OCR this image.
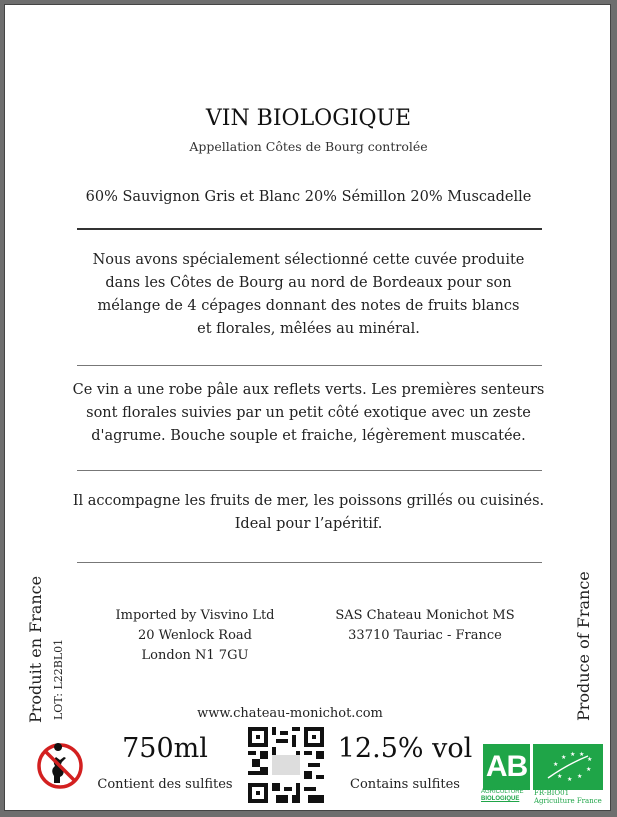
VIN BIOLOGIQUE
Appellation Côtes de Bourg controlée
60% Sauvignon Gris et Blanc 20% Sémillon 20% Muscadelle
Nous avons spécialement sélectionné cette cuvée produite
dans les Côtes de Bourg au nord de Bordeaux pour son
mélange de 4 cépages donnant des notes de fruits blancs
et florales, mêlées au minéral.
Ce vin a une robe pâle aux reflets verts. Les premières senteurs
sont florales suivies par un petit côté exotique avec un zeste
d'agrume. Bouche souple et fraiche, légèrement muscatée.
Il accompagne les fruits de mer, les poissons grillés ou cuisinés.
Ideal pour l’apéritif.
Produit en France LOT: L22BL01	Produce of France
Imported by Visvino Ltd
20 Wenlock Road
London N1 7GU
SAS Chateau Monichot MS
33710 Tauriac - France
www.chateau-monichot.com
750ml
Contient des sulfites
12.5% vol
Contains sulfites
AB
AGRICULTURE
BIOLOGIQUE
★
★ ★ ★
★
★
★
★
★
FR-BIO01
Agriculture France
